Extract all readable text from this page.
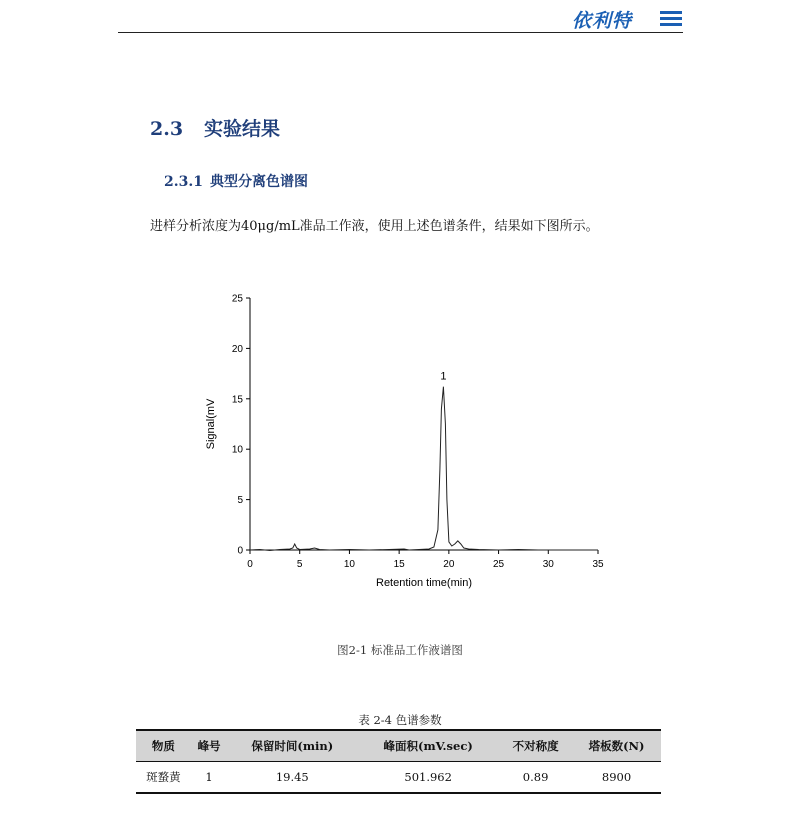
依利特
2.3 实验结果
2.3.1 典型分离色谱图
进样分析浓度为40μg/mL准品工作液，使用上述色谱条件，结果如下图所示。
0	5	10	15	20	25	30	35
0
5
10
15
20
25
Retention time(min)
Signal(mV
1
图2-1 标准品工作液谱图
表 2-4 色谱参数
物质	峰号	保留时间(min)	峰面积(mV.sec)	不对称度	塔板数(N)
斑蝥黄	1	19.45	501.962	0.89	8900
